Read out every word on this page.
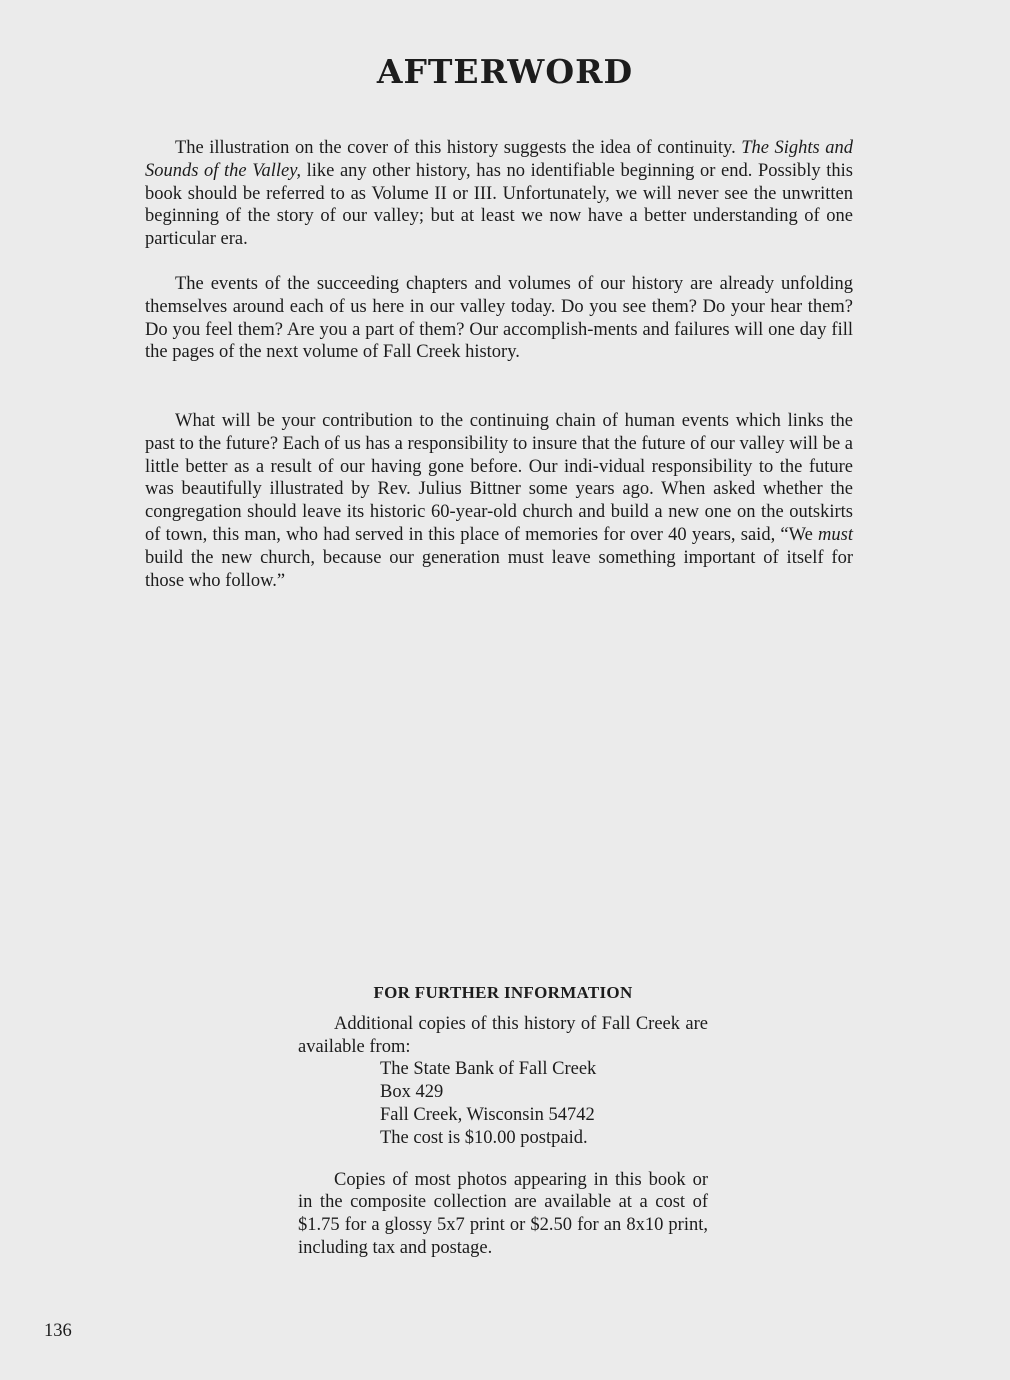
AFTERWORD

The illustration on the cover of this history suggests the idea of continuity. The Sights and Sounds of the Valley, like any other history, has no identifiable beginning or end. Possibly this book should be referred to as Volume II or III. Unfortunately, we will never see the unwritten beginning of the story of our valley; but at least we now have a better understanding of one particular era.

The events of the succeeding chapters and volumes of our history are already unfolding themselves around each of us here in our valley today. Do you see them? Do your hear them? Do you feel them? Are you a part of them? Our accomplish-ments and failures will one day fill the pages of the next volume of Fall Creek history.

What will be your contribution to the continuing chain of human events which links the past to the future? Each of us has a responsibility to insure that the future of our valley will be a little better as a result of our having gone before. Our indi-vidual responsibility to the future was beautifully illustrated by Rev. Julius Bittner some years ago. When asked whether the congregation should leave its historic 60-year-old church and build a new one on the outskirts of town, this man, who had served in this place of memories for over 40 years, said, “We must build the new church, because our generation must leave something important of itself for those who follow.”

FOR FURTHER INFORMATION

Additional copies of this history of Fall Creek are available from:

The State Bank of Fall Creek
Box 429
Fall Creek, Wisconsin 54742
The cost is $10.00 postpaid.

Copies of most photos appearing in this book or in the composite collection are available at a cost of $1.75 for a glossy 5x7 print or $2.50 for an 8x10 print, including tax and postage.

136
